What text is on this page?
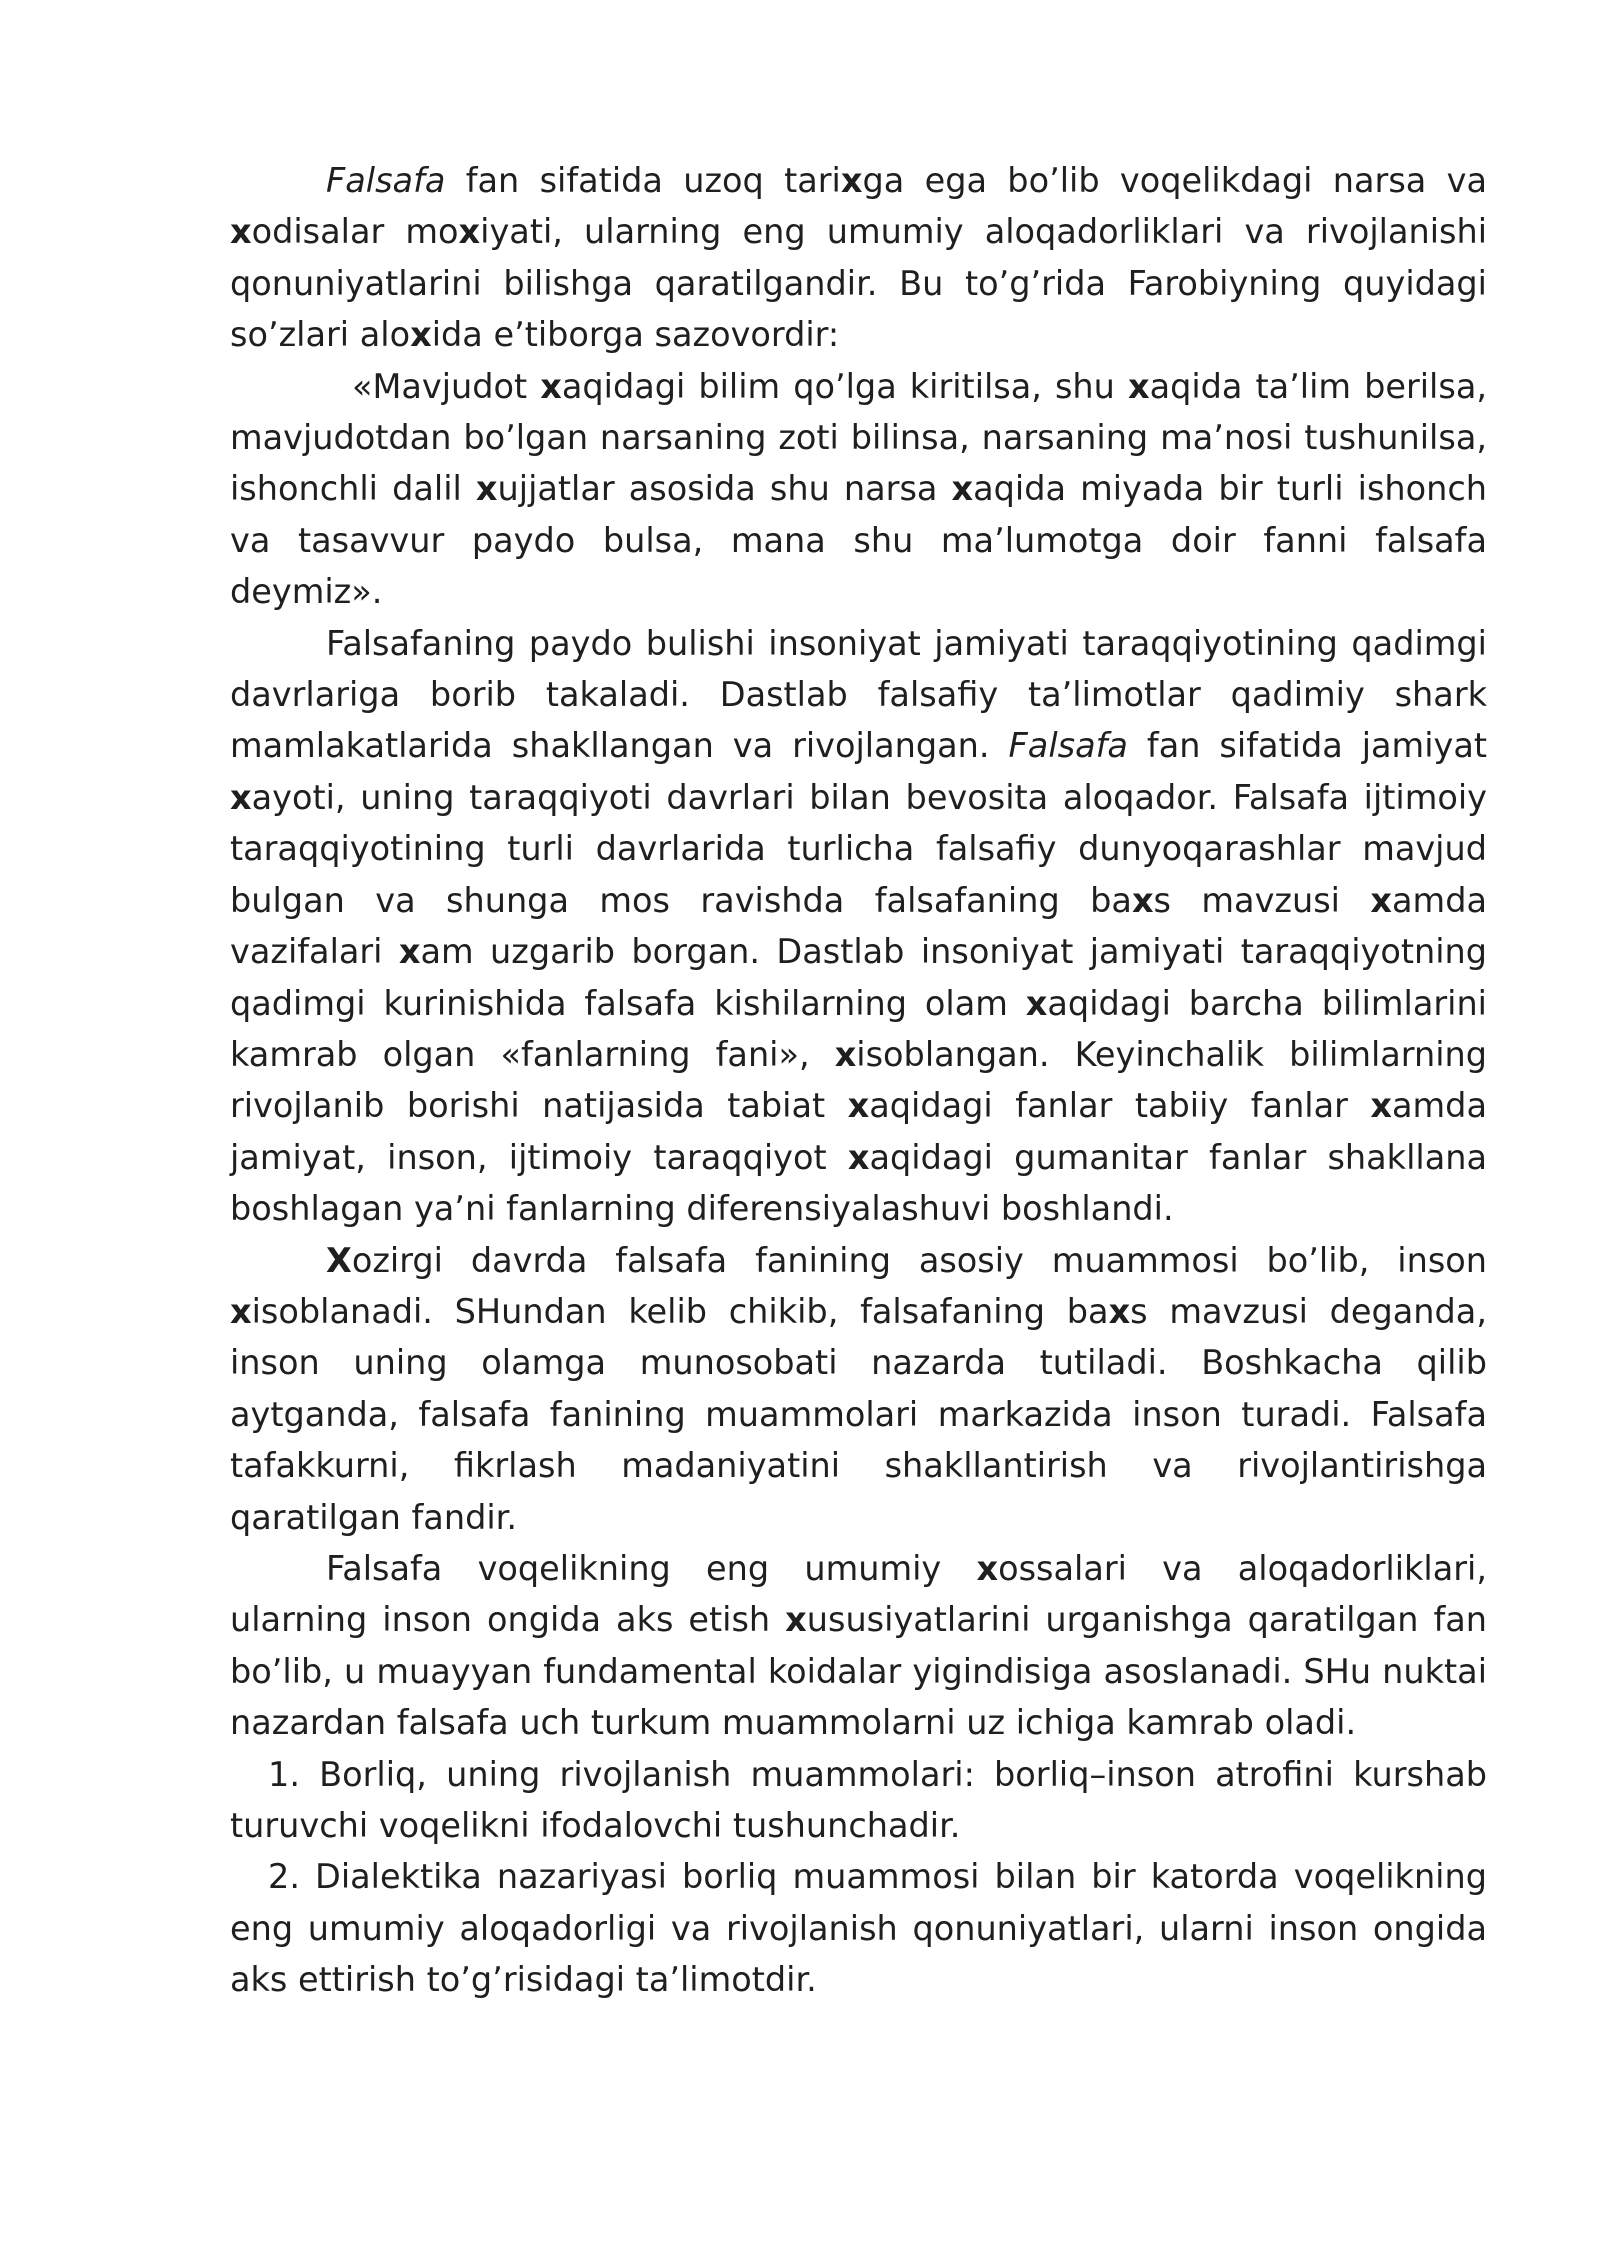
Falsafa fan sifatida uzoq tarixga ega bo’lib voqelikdagi narsa va xodisalar moxiyati, ularning eng umumiy aloqadorliklari va rivojlanishi qonuniyatlarini bilishga qaratilgandir. Bu to’g’rida Farobiyning quyidagi so’zlari aloxida e’tiborga sazovordir:

«Mavjudot xaqidagi bilim qo’lga kiritilsa, shu xaqida ta’lim berilsa, mavjudotdan bo’lgan narsaning zoti bilinsa, narsaning ma’nosi tushunilsa, ishonchli dalil xujjatlar asosida shu narsa xaqida miyada bir turli ishonch va tasavvur paydo bulsa, mana shu ma’lumotga doir fanni falsafa deymiz».

Falsafaning paydo bulishi insoniyat jamiyati taraqqiyotining qadimgi davrlariga borib takaladi. Dastlab falsafiy ta’limotlar qadimiy shark mamlakatlarida shakllangan va rivojlangan. Falsafa fan sifatida jamiyat xayoti, uning taraqqiyoti davrlari bilan bevosita aloqador. Falsafa ijtimoiy taraqqiyotining turli davrlarida turlicha falsafiy dunyoqarashlar mavjud bulgan va shunga mos ravishda falsafaning baxs mavzusi xamda vazifalari xam uzgarib borgan. Dastlab insoniyat jamiyati taraqqiyotning qadimgi kurinishida falsafa kishilarning olam xaqidagi barcha bilimlarini kamrab olgan «fanlarning fani», xisoblangan. Keyinchalik bilimlarning rivojlanib borishi natijasida tabiat xaqidagi fanlar tabiiy fanlar xamda jamiyat, inson, ijtimoiy taraqqiyot xaqidagi gumanitar fanlar shakllana boshlagan ya’ni fanlarning diferensiyalashuvi boshlandi.

Xozirgi davrda falsafa fanining asosiy muammosi bo’lib, inson xisoblanadi. SHundan kelib chikib, falsafaning baxs mavzusi deganda, inson uning olamga munosobati nazarda tutiladi. Boshkacha qilib aytganda, falsafa fanining muammolari markazida inson turadi. Falsafa tafakkurni, fikrlash madaniyatini shakllantirish va rivojlantirishga qaratilgan fandir.

Falsafa voqelikning eng umumiy xossalari va aloqadorliklari, ularning inson ongida aks etish xususiyatlarini urganishga qaratilgan fan bo’lib, u muayyan fundamental koidalar yigindisiga asoslanadi. SHu nuktai nazardan falsafa uch turkum muammolarni uz ichiga kamrab oladi.

1. Borliq, uning rivojlanish muammolari: borliq–inson atrofini kurshab turuvchi voqelikni ifodalovchi tushunchadir.

2. Dialektika nazariyasi borliq muammosi bilan bir katorda voqelikning eng umumiy aloqadorligi va rivojlanish qonuniyatlari, ularni inson ongida aks ettirish to’g’risidagi ta’limotdir.
